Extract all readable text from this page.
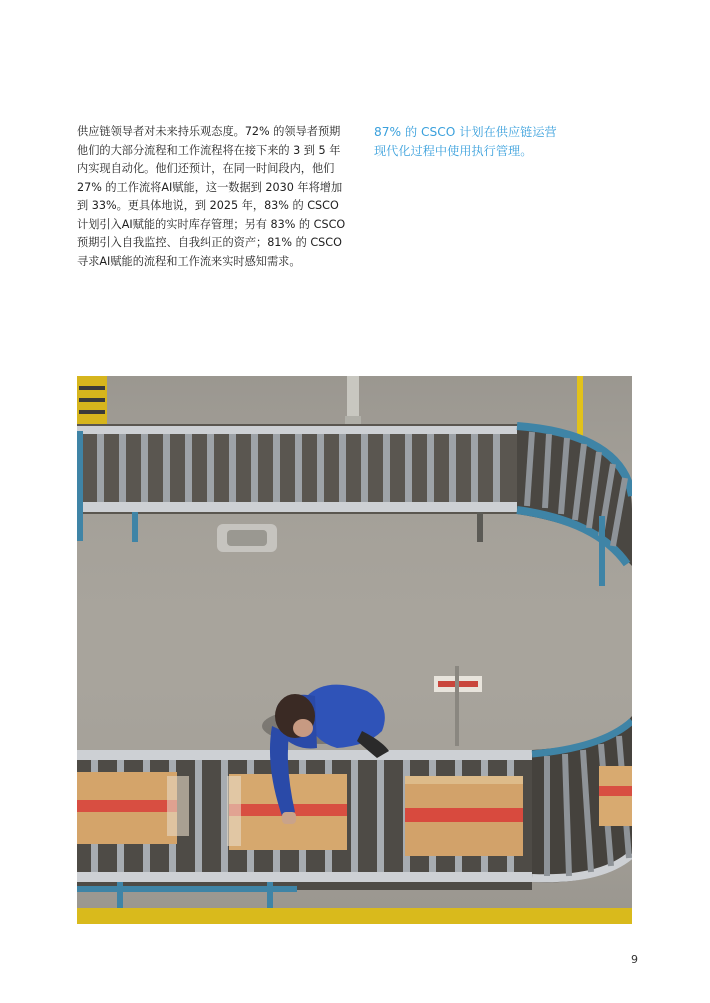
供应链领导者对未来持乐观态度。72% 的领导者预期他们的大部分流程和工作流程将在接下来的 3 到 5 年内实现自动化。他们还预计，在同一时间段内，他们 27% 的工作流将AI赋能，这一数据到 2030 年将增加到 33%。更具体地说，到 2025 年，83% 的 CSCO 计划引入AI赋能的实时库存管理；另有 83% 的 CSCO 预期引入自我监控、自我纠正的资产；81% 的 CSCO 寻求AI赋能的流程和工作流来实时感知需求。

87% 的 CSCO 计划在供应链运营现代化过程中使用执行管理。

9
